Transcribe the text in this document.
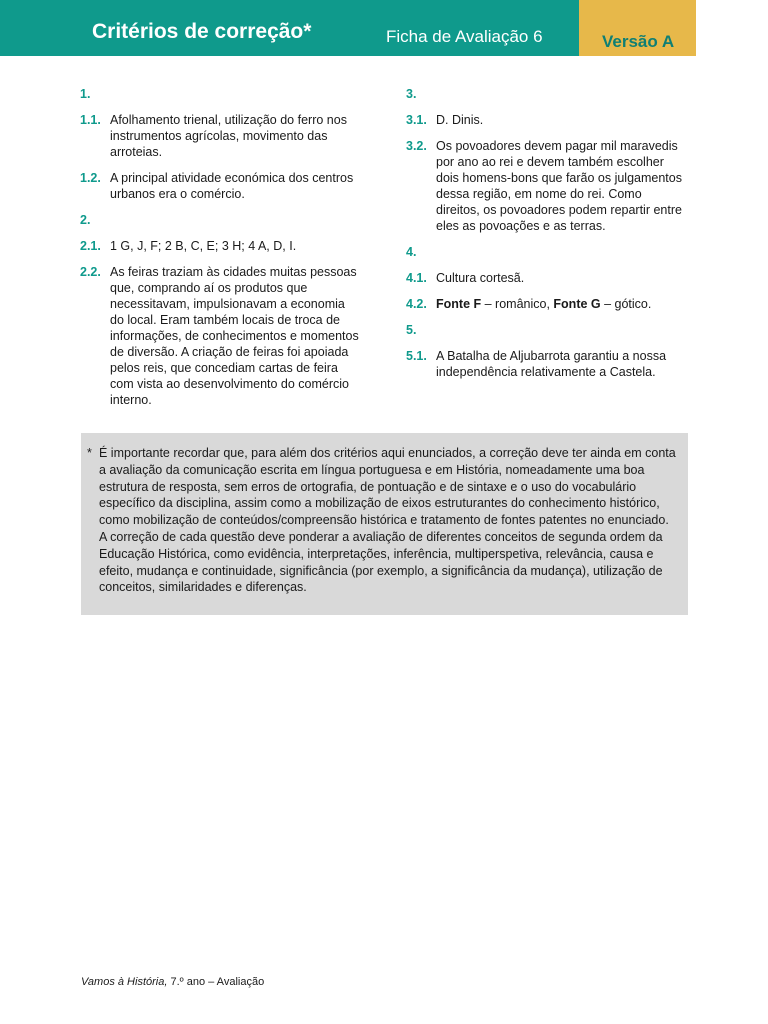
Critérios de correção*	Ficha de Avaliação 6	Versão A
1.
1.1. Afolhamento trienal, utilização do ferro nos instrumentos agrícolas, movimento das arroteias.
1.2. A principal atividade económica dos centros urbanos era o comércio.
2.
2.1. 1 G, J, F; 2 B, C, E; 3 H; 4 A, D, I.
2.2. As feiras traziam às cidades muitas pessoas que, comprando aí os produtos que necessitavam, impulsionavam a economia do local. Eram também locais de troca de informações, de conhecimentos e momentos de diversão. A criação de feiras foi apoiada pelos reis, que concediam cartas de feira com vista ao desenvolvimento do comércio interno.
3.
3.1. D. Dinis.
3.2. Os povoadores devem pagar mil maravedis por ano ao rei e devem também escolher dois homens-bons que farão os julgamentos dessa região, em nome do rei. Como direitos, os povoadores podem repartir entre eles as povoações e as terras.
4.
4.1. Cultura cortesã.
4.2. Fonte F – românico, Fonte G – gótico.
5.
5.1. A Batalha de Aljubarrota garantiu a nossa independência relativamente a Castela.
* É importante recordar que, para além dos critérios aqui enunciados, a correção deve ter ainda em conta a avaliação da comunicação escrita em língua portuguesa e em História, nomeadamente uma boa estrutura de resposta, sem erros de ortografia, de pontuação e de sintaxe e o uso do vocabulário específico da disciplina, assim como a mobilização de eixos estruturantes do conhecimento histórico, como mobilização de conteúdos/compreensão histórica e tratamento de fontes patentes no enunciado. A correção de cada questão deve ponderar a avaliação de diferentes conceitos de segunda ordem da Educação Histórica, como evidência, interpretações, inferência, multiperspetiva, relevância, causa e efeito, mudança e continuidade, significância (por exemplo, a significância da mudança), utilização de conceitos, similaridades e diferenças.
Vamos à História, 7.º ano – Avaliação
